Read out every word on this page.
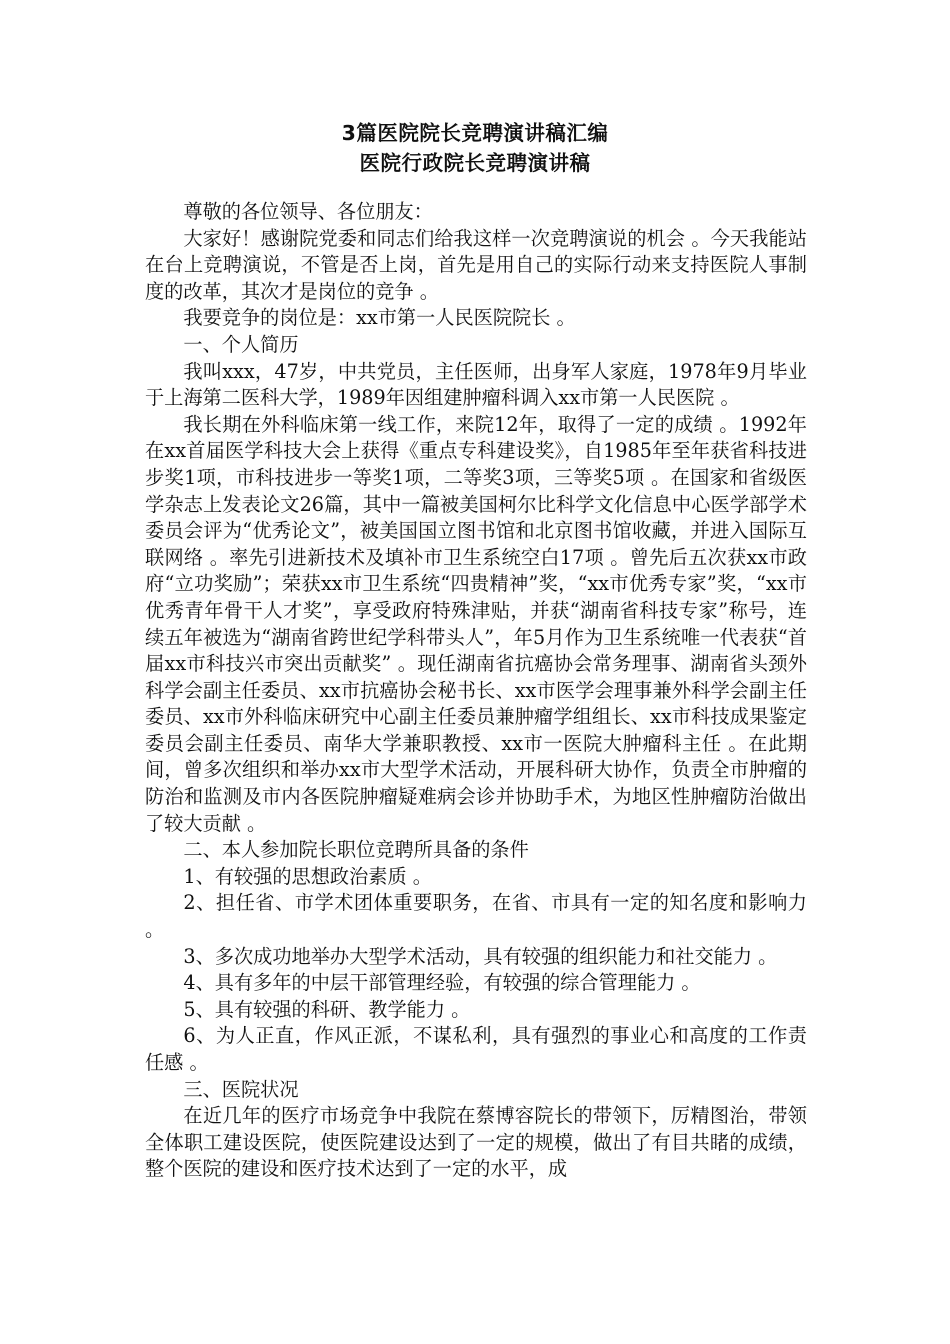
3篇医院院长竞聘演讲稿汇编
医院行政院长竞聘演讲稿

尊敬的各位领导、各位朋友：

大家好！感谢院党委和同志们给我这样一次竞聘演说的机会 。今天我能站在台上竞聘演说，不管是否上岗，首先是用自己的实际行动来支持医院人事制度的改革，其次才是岗位的竞争 。

我要竞争的岗位是：xx市第一人民医院院长 。

一、个人简历

我叫xxx，47岁，中共党员，主任医师，出身军人家庭，1978年9月毕业于上海第二医科大学，1989年因组建肿瘤科调入xx市第一人民医院 。

我长期在外科临床第一线工作，来院12年，取得了一定的成绩 。1992年在xx首届医学科技大会上获得《重点专科建设奖》，自1985年至年获省科技进步奖1项，市科技进步一等奖1项，二等奖3项，三等奖5项 。在国家和省级医学杂志上发表论文26篇，其中一篇被美国柯尔比科学文化信息中心医学部学术委员会评为“优秀论文”，被美国国立图书馆和北京图书馆收藏，并进入国际互联网络 。率先引进新技术及填补市卫生系统空白17项 。曾先后五次获xx市政府“立功奖励”；荣获xx市卫生系统“四贵精神”奖，“xx市优秀专家”奖，“xx市优秀青年骨干人才奖”，享受政府特殊津贴，并获“湖南省科技专家”称号，连续五年被选为“湖南省跨世纪学科带头人”，年5月作为卫生系统唯一代表获“首届xx市科技兴市突出贡献奖” 。现任湖南省抗癌协会常务理事、湖南省头颈外科学会副主任委员、xx市抗癌协会秘书长、xx市医学会理事兼外科学会副主任委员、xx市外科临床研究中心副主任委员兼肿瘤学组组长、xx市科技成果鉴定委员会副主任委员、南华大学兼职教授、xx市一医院大肿瘤科主任 。在此期间，曾多次组织和举办xx市大型学术活动，开展科研大协作，负责全市肿瘤的防治和监测及市内各医院肿瘤疑难病会诊并协助手术，为地区性肿瘤防治做出了较大贡献 。

二、本人参加院长职位竞聘所具备的条件

1、有较强的思想政治素质 。

2、担任省、市学术团体重要职务，在省、市具有一定的知名度和影响力 。

3、多次成功地举办大型学术活动，具有较强的组织能力和社交能力 。

4、具有多年的中层干部管理经验，有较强的综合管理能力 。

5、具有较强的科研、教学能力 。

6、为人正直，作风正派，不谋私利，具有强烈的事业心和高度的工作责任感 。

三、医院状况

在近几年的医疗市场竞争中我院在蔡博容院长的带领下，厉精图治，带领全体职工建设医院，使医院建设达到了一定的规模，做出了有目共睹的成绩，整个医院的建设和医疗技术达到了一定的水平，成
